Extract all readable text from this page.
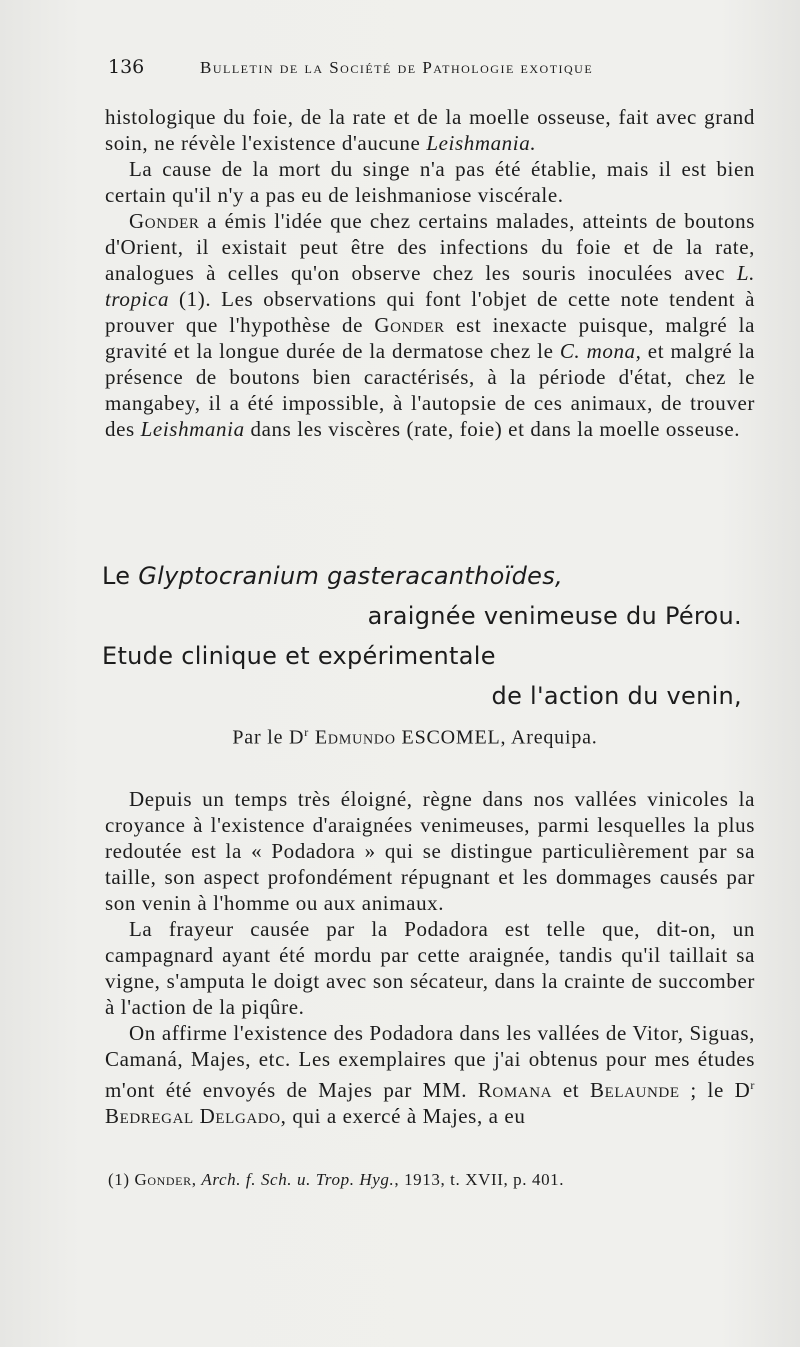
136	Bulletin de la Société de Pathologie exotique

histologique du foie, de la rate et de la moelle osseuse, fait avec grand soin, ne révèle l'existence d'aucune Leishmania.

La cause de la mort du singe n'a pas été établie, mais il est bien certain qu'il n'y a pas eu de leishmaniose viscérale.

Gonder a émis l'idée que chez certains malades, atteints de boutons d'Orient, il existait peut être des infections du foie et de la rate, analogues à celles qu'on observe chez les souris inoculées avec L. tropica (1). Les observations qui font l'objet de cette note tendent à prouver que l'hypothèse de Gonder est inexacte puisque, malgré la gravité et la longue durée de la dermatose chez le C. mona, et malgré la présence de boutons bien caractérisés, à la période d'état, chez le mangabey, il a été impossible, à l'autopsie de ces animaux, de trouver des Leishmania dans les viscères (rate, foie) et dans la moelle osseuse.

Le Glyptocranium gasteracanthoïdes,
araignée venimeuse du Pérou.
Etude clinique et expérimentale
de l'action du venin,
Par le $D^r$ Edmundo ESCOMEL, Arequipa.

Depuis un temps très éloigné, règne dans nos vallées vinicoles la croyance à l'existence d'araignées venimeuses, parmi lesquelles la plus redoutée est la « Podadora » qui se distingue particulièrement par sa taille, son aspect profondément répugnant et les dommages causés par son venin à l'homme ou aux animaux.

La frayeur causée par la Podadora est telle que, dit-on, un campagnard ayant été mordu par cette araignée, tandis qu'il taillait sa vigne, s'amputa le doigt avec son sécateur, dans la crainte de succomber à l'action de la piqûre.

On affirme l'existence des Podadora dans les vallées de Vitor, Siguas, Camaná, Majes, etc. Les exemplaires que j'ai obtenus pour mes études m'ont été envoyés de Majes par MM. Romana et Belaunde ; le $D^r$ Bedregal Delgado, qui a exercé à Majes, a eu

(1) Gonder, Arch. f. Sch. u. Trop. Hyg., 1913, t. XVII, p. 401.
